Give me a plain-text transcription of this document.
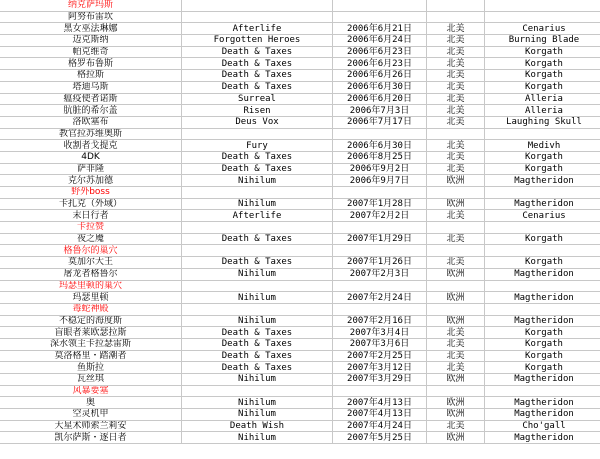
纳克萨玛斯				
阿努布雷坎				
黑女巫法琳娜	Afterlife	2006年6月21日	北美	Cenarius
迈克斯纳	Forgotten Heroes	2006年6月24日	北美	Burning Blade
帕克维奇	Death & Taxes	2006年6月23日	北美	Korgath
格罗布鲁斯	Death & Taxes	2006年6月23日	北美	Korgath
格拉斯	Death & Taxes	2006年6月26日	北美	Korgath
塔迪乌斯	Death & Taxes	2006年6月30日	北美	Korgath
瘟疫使者诺斯	Surreal	2006年6月20日	北美	Alleria
肮脏的希尔盖	Risen	2006年7月3日	北美	Alleria
洛欧塞布	Deus Vox	2006年7月17日	北美	Laughing Skull
教官拉苏维奥斯				
收割者戈提克	Fury	2006年6月30日	北美	Medivh
4DK	Death & Taxes	2006年8月25日	北美	Korgath
萨菲隆	Death & Taxes	2006年9月2日	北美	Korgath
克尔苏加德	Nihilum	2006年9月7日	欧洲	Magtheridon
野外boss				
卡扎克（外域）	Nihilum	2007年1月28日	欧洲	Magtheridon
末日行者	Afterlife	2007年2月2日	北美	Cenarius
卡拉赞				
夜之魇	Death & Taxes	2007年1月29日	北美	Korgath
格鲁尔的巢穴				
莫加尔大王	Death & Taxes	2007年1月26日	北美	Korgath
屠龙者格鲁尔	Nihilum	2007年2月3日	欧洲	Magtheridon
玛瑟里顿的巢穴				
玛瑟里顿	Nihilum	2007年2月24日	欧洲	Magtheridon
毒蛇神殿				
不稳定的海度斯	Nihilum	2007年2月16日	欧洲	Magtheridon
盲眼者莱欧瑟拉斯	Death & Taxes	2007年3月4日	北美	Korgath
深水领主卡拉瑟雷斯	Death & Taxes	2007年3月6日	北美	Korgath
莫洛格里・踏潮者	Death & Taxes	2007年2月25日	北美	Korgath
鱼斯拉	Death & Taxes	2007年3月12日	北美	Korgath
瓦丝琪	Nihilum	2007年3月29日	欧洲	Magtheridon
风暴要塞				
奥	Nihilum	2007年4月13日	欧洲	Magtheridon
空灵机甲	Nihilum	2007年4月13日	欧洲	Magtheridon
大星术师索兰莉安	Death Wish	2007年4月24日	北美	Cho'gall
凯尔萨斯・逐日者	Nihilum	2007年5月25日	欧洲	Magtheridon
